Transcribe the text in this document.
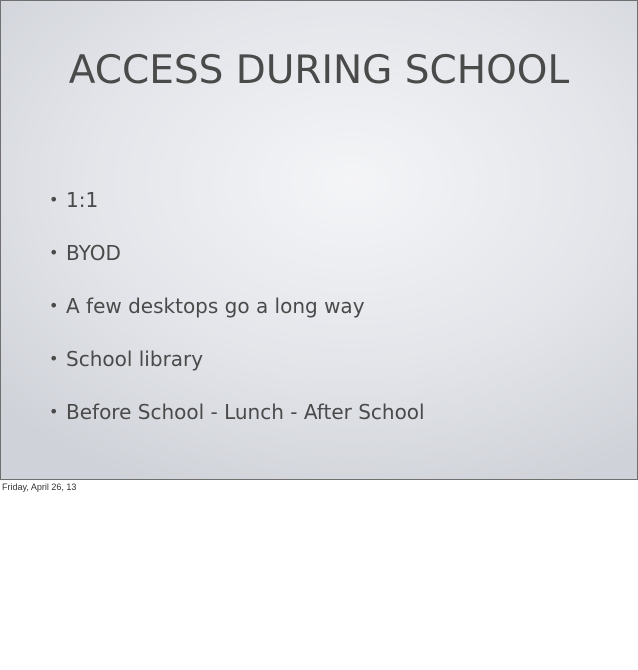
ACCESS DURING SCHOOL
• 1:1
• BYOD
• A few desktops go a long way
• School library
• Before School - Lunch - After School
Friday, April 26, 13
